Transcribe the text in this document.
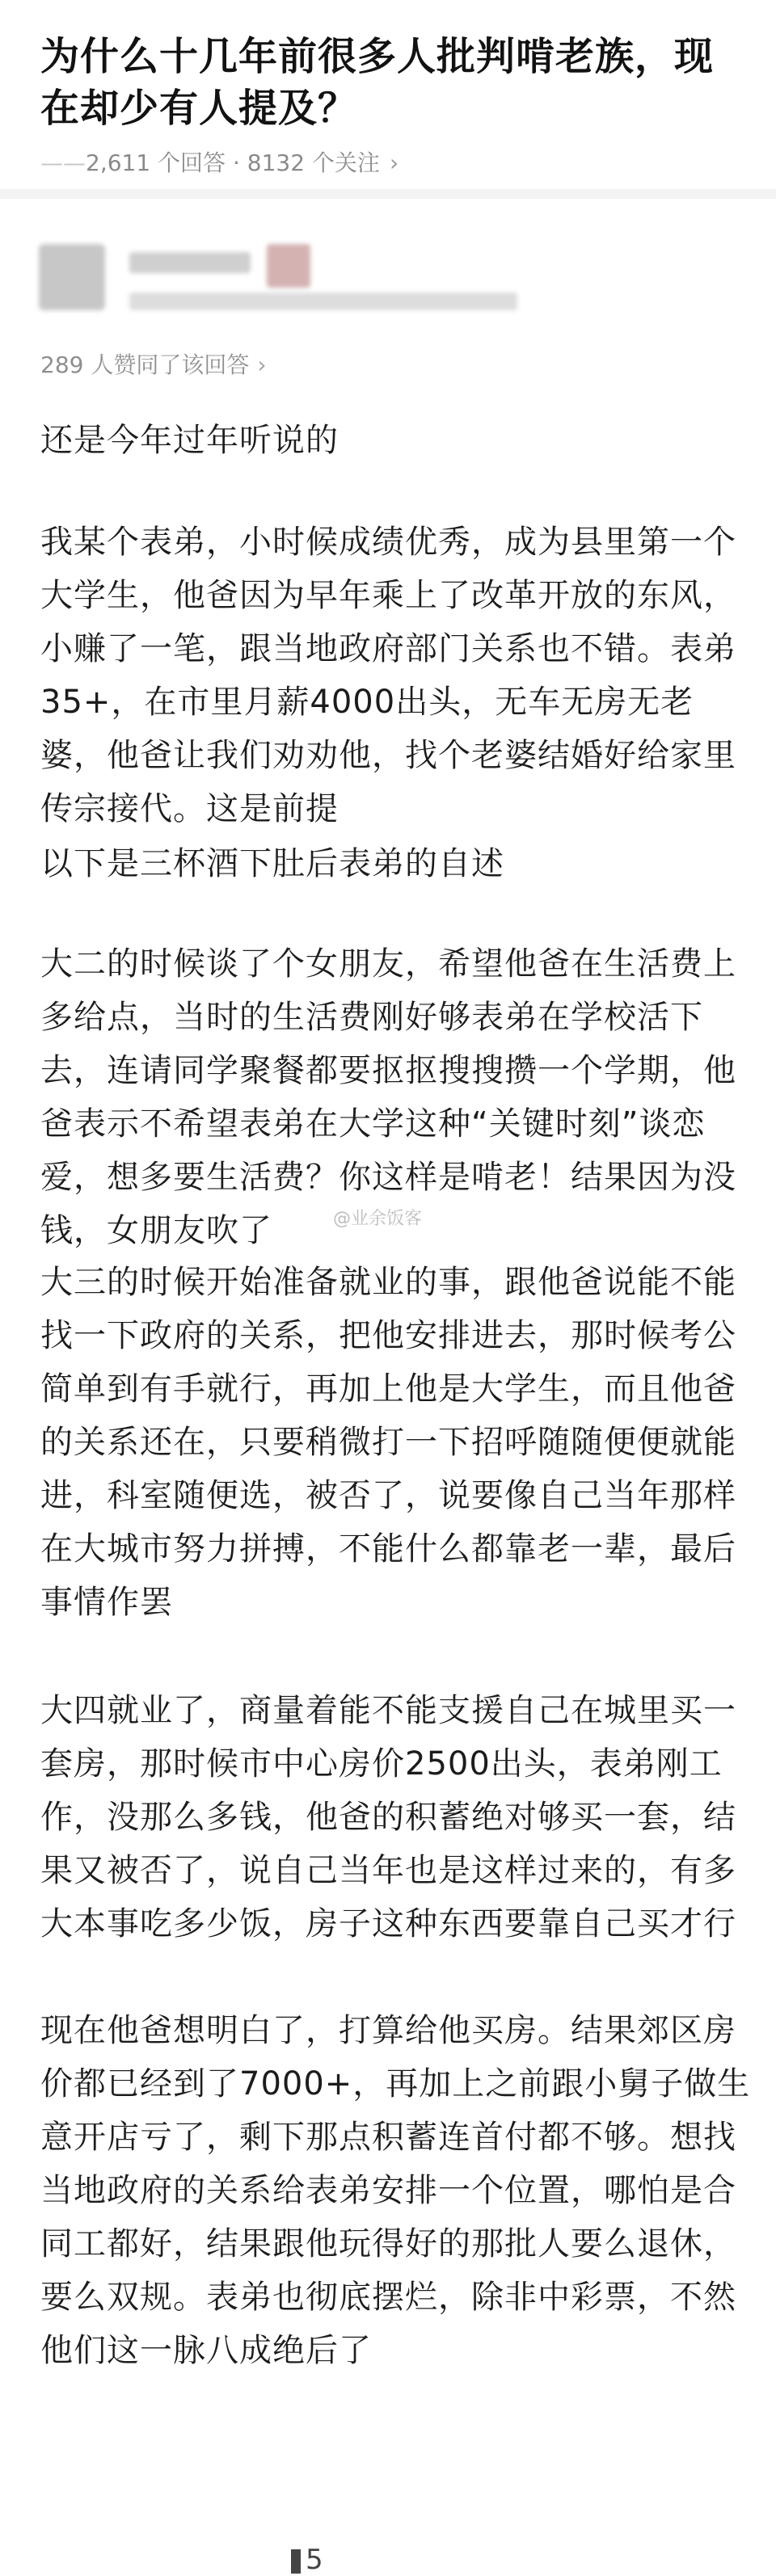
为什么十几年前很多人批判啃老族，现在却少有人提及？
——2,611 个回答 · 8132 个关注 ›
289 人赞同了该回答 ›

还是今年过年听说的

我某个表弟，小时候成绩优秀，成为县里第一个大学生，他爸因为早年乘上了改革开放的东风，小赚了一笔，跟当地政府部门关系也不错。表弟35+，在市里月薪4000出头，无车无房无老婆，他爸让我们劝劝他，找个老婆结婚好给家里传宗接代。这是前提

以下是三杯酒下肚后表弟的自述

大二的时候谈了个女朋友，希望他爸在生活费上多给点，当时的生活费刚好够表弟在学校活下去，连请同学聚餐都要抠抠搜搜攒一个学期，他爸表示不希望表弟在大学这种“关键时刻”谈恋爱，想多要生活费？你这样是啃老！结果因为没钱，女朋友吹了	@业余饭客

大三的时候开始准备就业的事，跟他爸说能不能找一下政府的关系，把他安排进去，那时候考公简单到有手就行，再加上他是大学生，而且他爸的关系还在，只要稍微打一下招呼随随便便就能进，科室随便选，被否了，说要像自己当年那样在大城市努力拼搏，不能什么都靠老一辈，最后事情作罢

大四就业了，商量着能不能支援自己在城里买一套房，那时候市中心房价2500出头，表弟刚工作，没那么多钱，他爸的积蓄绝对够买一套，结果又被否了，说自己当年也是这样过来的，有多大本事吃多少饭，房子这种东西要靠自己买才行

现在他爸想明白了，打算给他买房。结果郊区房价都已经到了7000+，再加上之前跟小舅子做生意开店亏了，剩下那点积蓄连首付都不够。想找当地政府的关系给表弟安排一个位置，哪怕是合同工都好，结果跟他玩得好的那批人要么退休，要么双规。表弟也彻底摆烂，除非中彩票，不然他们这一脉八成绝后了

5
